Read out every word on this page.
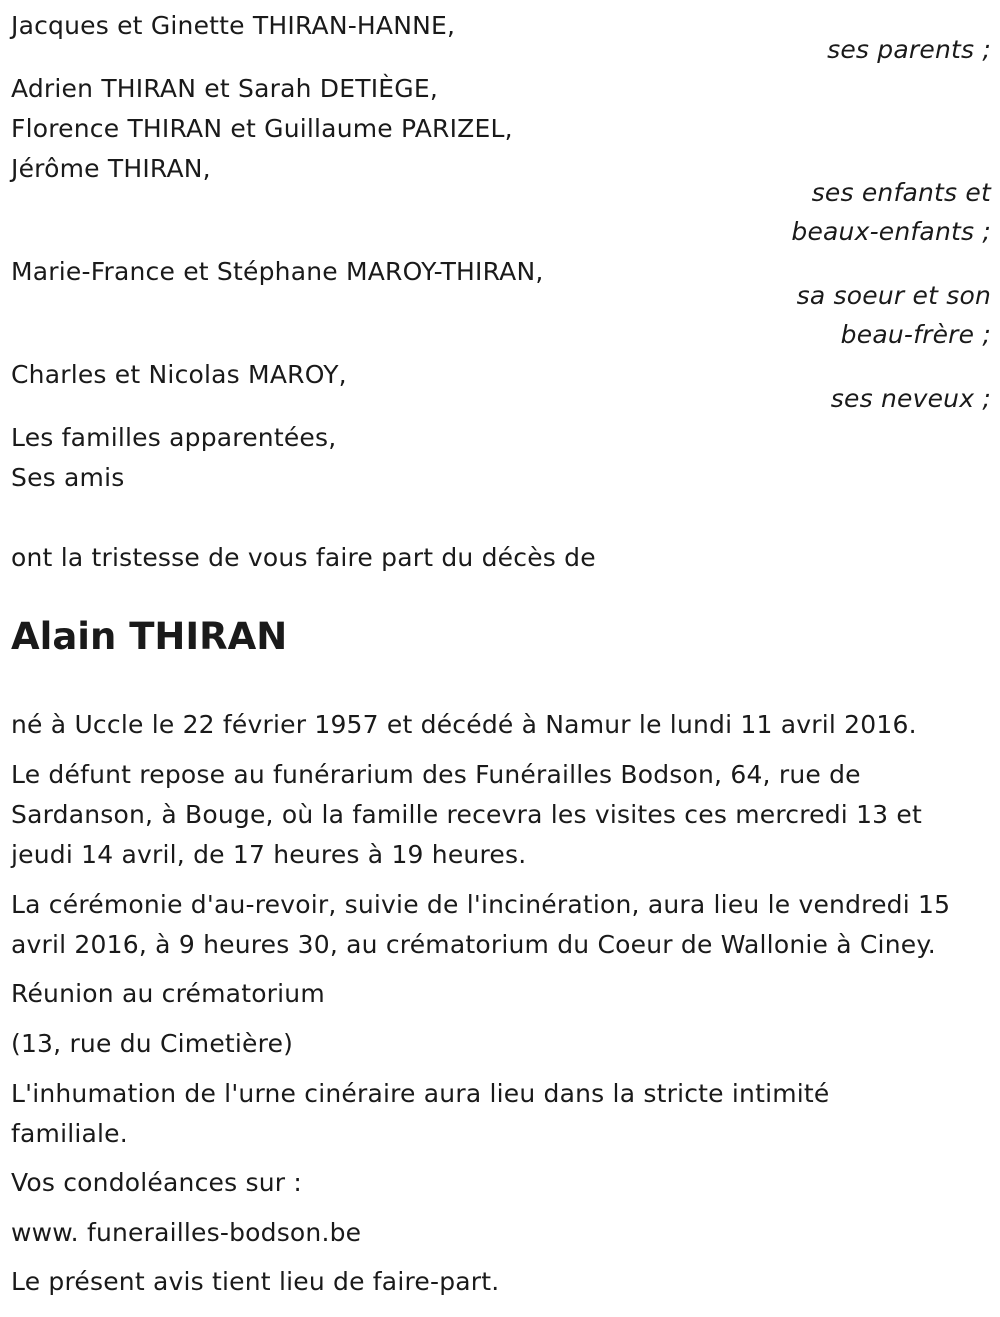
Jacques et Ginette THIRAN-HANNE,
ses parents ;
Adrien THIRAN et Sarah DETIÈGE,
Florence THIRAN et Guillaume PARIZEL,
Jérôme THIRAN,
ses enfants et
beaux-enfants ;
Marie-France et Stéphane MAROY-THIRAN,
sa soeur et son
beau-frère ;
Charles et Nicolas MAROY,
ses neveux ;
Les familles apparentées,
Ses amis
ont la tristesse de vous faire part du décès de
Alain THIRAN
né à Uccle le 22 février 1957 et décédé à Namur le lundi 11 avril 2016.
Le défunt repose au funérarium des Funérailles Bodson, 64, rue de
Sardanson, à Bouge, où la famille recevra les visites ces mercredi 13 et
jeudi 14 avril, de 17 heures à 19 heures.
La cérémonie d'au-revoir, suivie de l'incinération, aura lieu le vendredi 15
avril 2016, à 9 heures 30, au crématorium du Coeur de Wallonie à Ciney.
Réunion au crématorium
(13, rue du Cimetière)
L'inhumation de l'urne cinéraire aura lieu dans la stricte intimité
familiale.
Vos condoléances sur :
www. funerailles-bodson.be
Le présent avis tient lieu de faire-part.
